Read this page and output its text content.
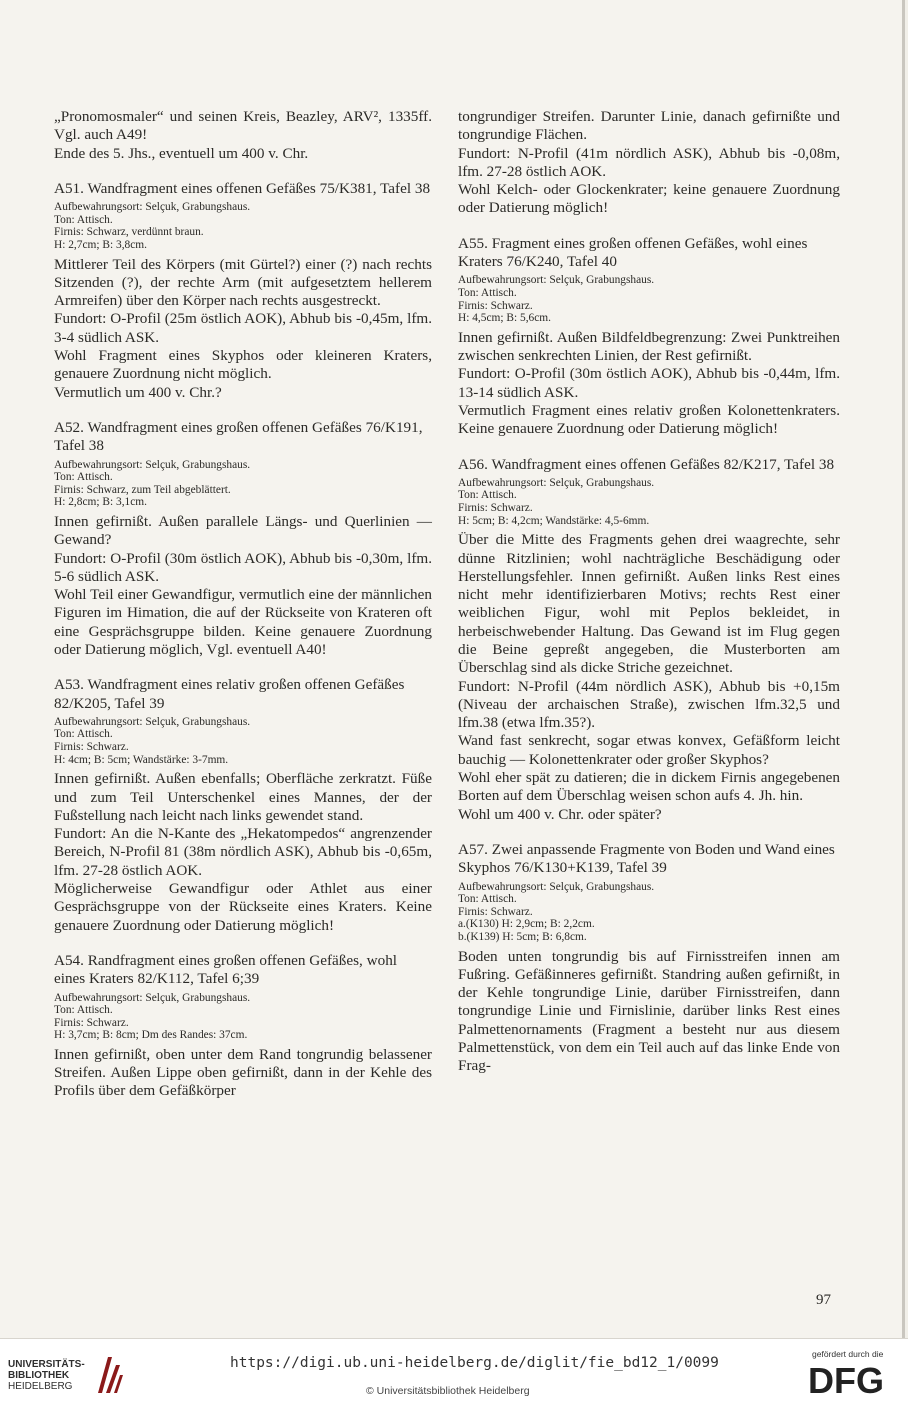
„Pronomosmaler“ und seinen Kreis, Beazley, ARV², 1335ff. Vgl. auch A49!

Ende des 5. Jhs., eventuell um 400 v. Chr.

A51. Wandfragment eines offenen Gefäßes 75/K381, Tafel 38

Aufbewahrungsort: Selçuk, Grabungshaus.

Ton: Attisch.

Firnis: Schwarz, verdünnt braun.

H: 2,7cm; B: 3,8cm.

Mittlerer Teil des Körpers (mit Gürtel?) einer (?) nach rechts Sitzenden (?), der rechte Arm (mit aufgesetztem hellerem Armreifen) über den Körper nach rechts ausgestreckt.

Fundort: O-Profil (25m östlich AOK), Abhub bis -0,45m, lfm. 3-4 südlich ASK.

Wohl Fragment eines Skyphos oder kleineren Kraters, genauere Zuordnung nicht möglich.

Vermutlich um 400 v. Chr.?

A52. Wandfragment eines großen offenen Gefäßes 76/K191, Tafel 38

Aufbewahrungsort: Selçuk, Grabungshaus.

Ton: Attisch.

Firnis: Schwarz, zum Teil abgeblättert.

H: 2,8cm; B: 3,1cm.

Innen gefirnißt. Außen parallele Längs- und Querlinien — Gewand?

Fundort: O-Profil (30m östlich AOK), Abhub bis -0,30m, lfm. 5-6 südlich ASK.

Wohl Teil einer Gewandfigur, vermutlich eine der männlichen Figuren im Himation, die auf der Rückseite von Krateren oft eine Gesprächsgruppe bilden. Keine genauere Zuordnung oder Datierung möglich, Vgl. eventuell A40!

A53. Wandfragment eines relativ großen offenen Gefäßes 82/K205, Tafel 39

Aufbewahrungsort: Selçuk, Grabungshaus.

Ton: Attisch.

Firnis: Schwarz.

H: 4cm; B: 5cm; Wandstärke: 3-7mm.

Innen gefirnißt. Außen ebenfalls; Oberfläche zerkratzt. Füße und zum Teil Unterschenkel eines Mannes, der der Fußstellung nach leicht nach links gewendet stand.

Fundort: An die N-Kante des „Hekatompedos“ angrenzender Bereich, N-Profil 81 (38m nördlich ASK), Abhub bis -0,65m, lfm. 27-28 östlich AOK.

Möglicherweise Gewandfigur oder Athlet aus einer Gesprächsgruppe von der Rückseite eines Kraters. Keine genauere Zuordnung oder Datierung möglich!

A54. Randfragment eines großen offenen Gefäßes, wohl eines Kraters 82/K112, Tafel 6;39

Aufbewahrungsort: Selçuk, Grabungshaus.

Ton: Attisch.

Firnis: Schwarz.

H: 3,7cm; B: 8cm; Dm des Randes: 37cm.

Innen gefirnißt, oben unter dem Rand tongrundig belassener Streifen. Außen Lippe oben gefirnißt, dann in der Kehle des Profils über dem Gefäßkörper

tongrundiger Streifen. Darunter Linie, danach gefirnißte und tongrundige Flächen.

Fundort: N-Profil (41m nördlich ASK), Abhub bis -0,08m, lfm. 27-28 östlich AOK.

Wohl Kelch- oder Glockenkrater; keine genauere Zuordnung oder Datierung möglich!

A55. Fragment eines großen offenen Gefäßes, wohl eines Kraters 76/K240, Tafel 40

Aufbewahrungsort: Selçuk, Grabungshaus.

Ton: Attisch.

Firnis: Schwarz.

H: 4,5cm; B: 5,6cm.

Innen gefirnißt. Außen Bildfeldbegrenzung: Zwei Punktreihen zwischen senkrechten Linien, der Rest gefirnißt.

Fundort: O-Profil (30m östlich AOK), Abhub bis -0,44m, lfm. 13-14 südlich ASK.

Vermutlich Fragment eines relativ großen Kolonettenkraters. Keine genauere Zuordnung oder Datierung möglich!

A56. Wandfragment eines offenen Gefäßes 82/K217, Tafel 38

Aufbewahrungsort: Selçuk, Grabungshaus.

Ton: Attisch.

Firnis: Schwarz.

H: 5cm; B: 4,2cm; Wandstärke: 4,5-6mm.

Über die Mitte des Fragments gehen drei waagrechte, sehr dünne Ritzlinien; wohl nachträgliche Beschädigung oder Herstellungsfehler. Innen gefirnißt. Außen links Rest eines nicht mehr identifizierbaren Motivs; rechts Rest einer weiblichen Figur, wohl mit Peplos bekleidet, in herbeischwebender Haltung. Das Gewand ist im Flug gegen die Beine gepreßt angegeben, die Musterborten am Überschlag sind als dicke Striche gezeichnet.

Fundort: N-Profil (44m nördlich ASK), Abhub bis +0,15m (Niveau der archaischen Straße), zwischen lfm.32,5 und lfm.38 (etwa lfm.35?).

Wand fast senkrecht, sogar etwas konvex, Gefäßform leicht bauchig — Kolonettenkrater oder großer Skyphos?

Wohl eher spät zu datieren; die in dickem Firnis angegebenen Borten auf dem Überschlag weisen schon aufs 4. Jh. hin.

Wohl um 400 v. Chr. oder später?

A57. Zwei anpassende Fragmente von Boden und Wand eines Skyphos 76/K130+K139, Tafel 39

Aufbewahrungsort: Selçuk, Grabungshaus.

Ton: Attisch.

Firnis: Schwarz.

a.(K130) H: 2,9cm; B: 2,2cm.

b.(K139) H: 5cm; B: 6,8cm.

Boden unten tongrundig bis auf Firnisstreifen innen am Fußring. Gefäßinneres gefirnißt. Standring außen gefirnißt, in der Kehle tongrundige Linie, darüber Firnisstreifen, dann tongrundige Linie und Firnislinie, darüber links Rest eines Palmettenornaments (Fragment a besteht nur aus diesem Palmettenstück, von dem ein Teil auch auf das linke Ende von Frag-

97
UNIVERSITÄTS-
BIBLIOTHEK
HEIDELBERG
https://digi.ub.uni-heidelberg.de/diglit/fie_bd12_1/0099
© Universitätsbibliothek Heidelberg
gefördert durch die
DFG
